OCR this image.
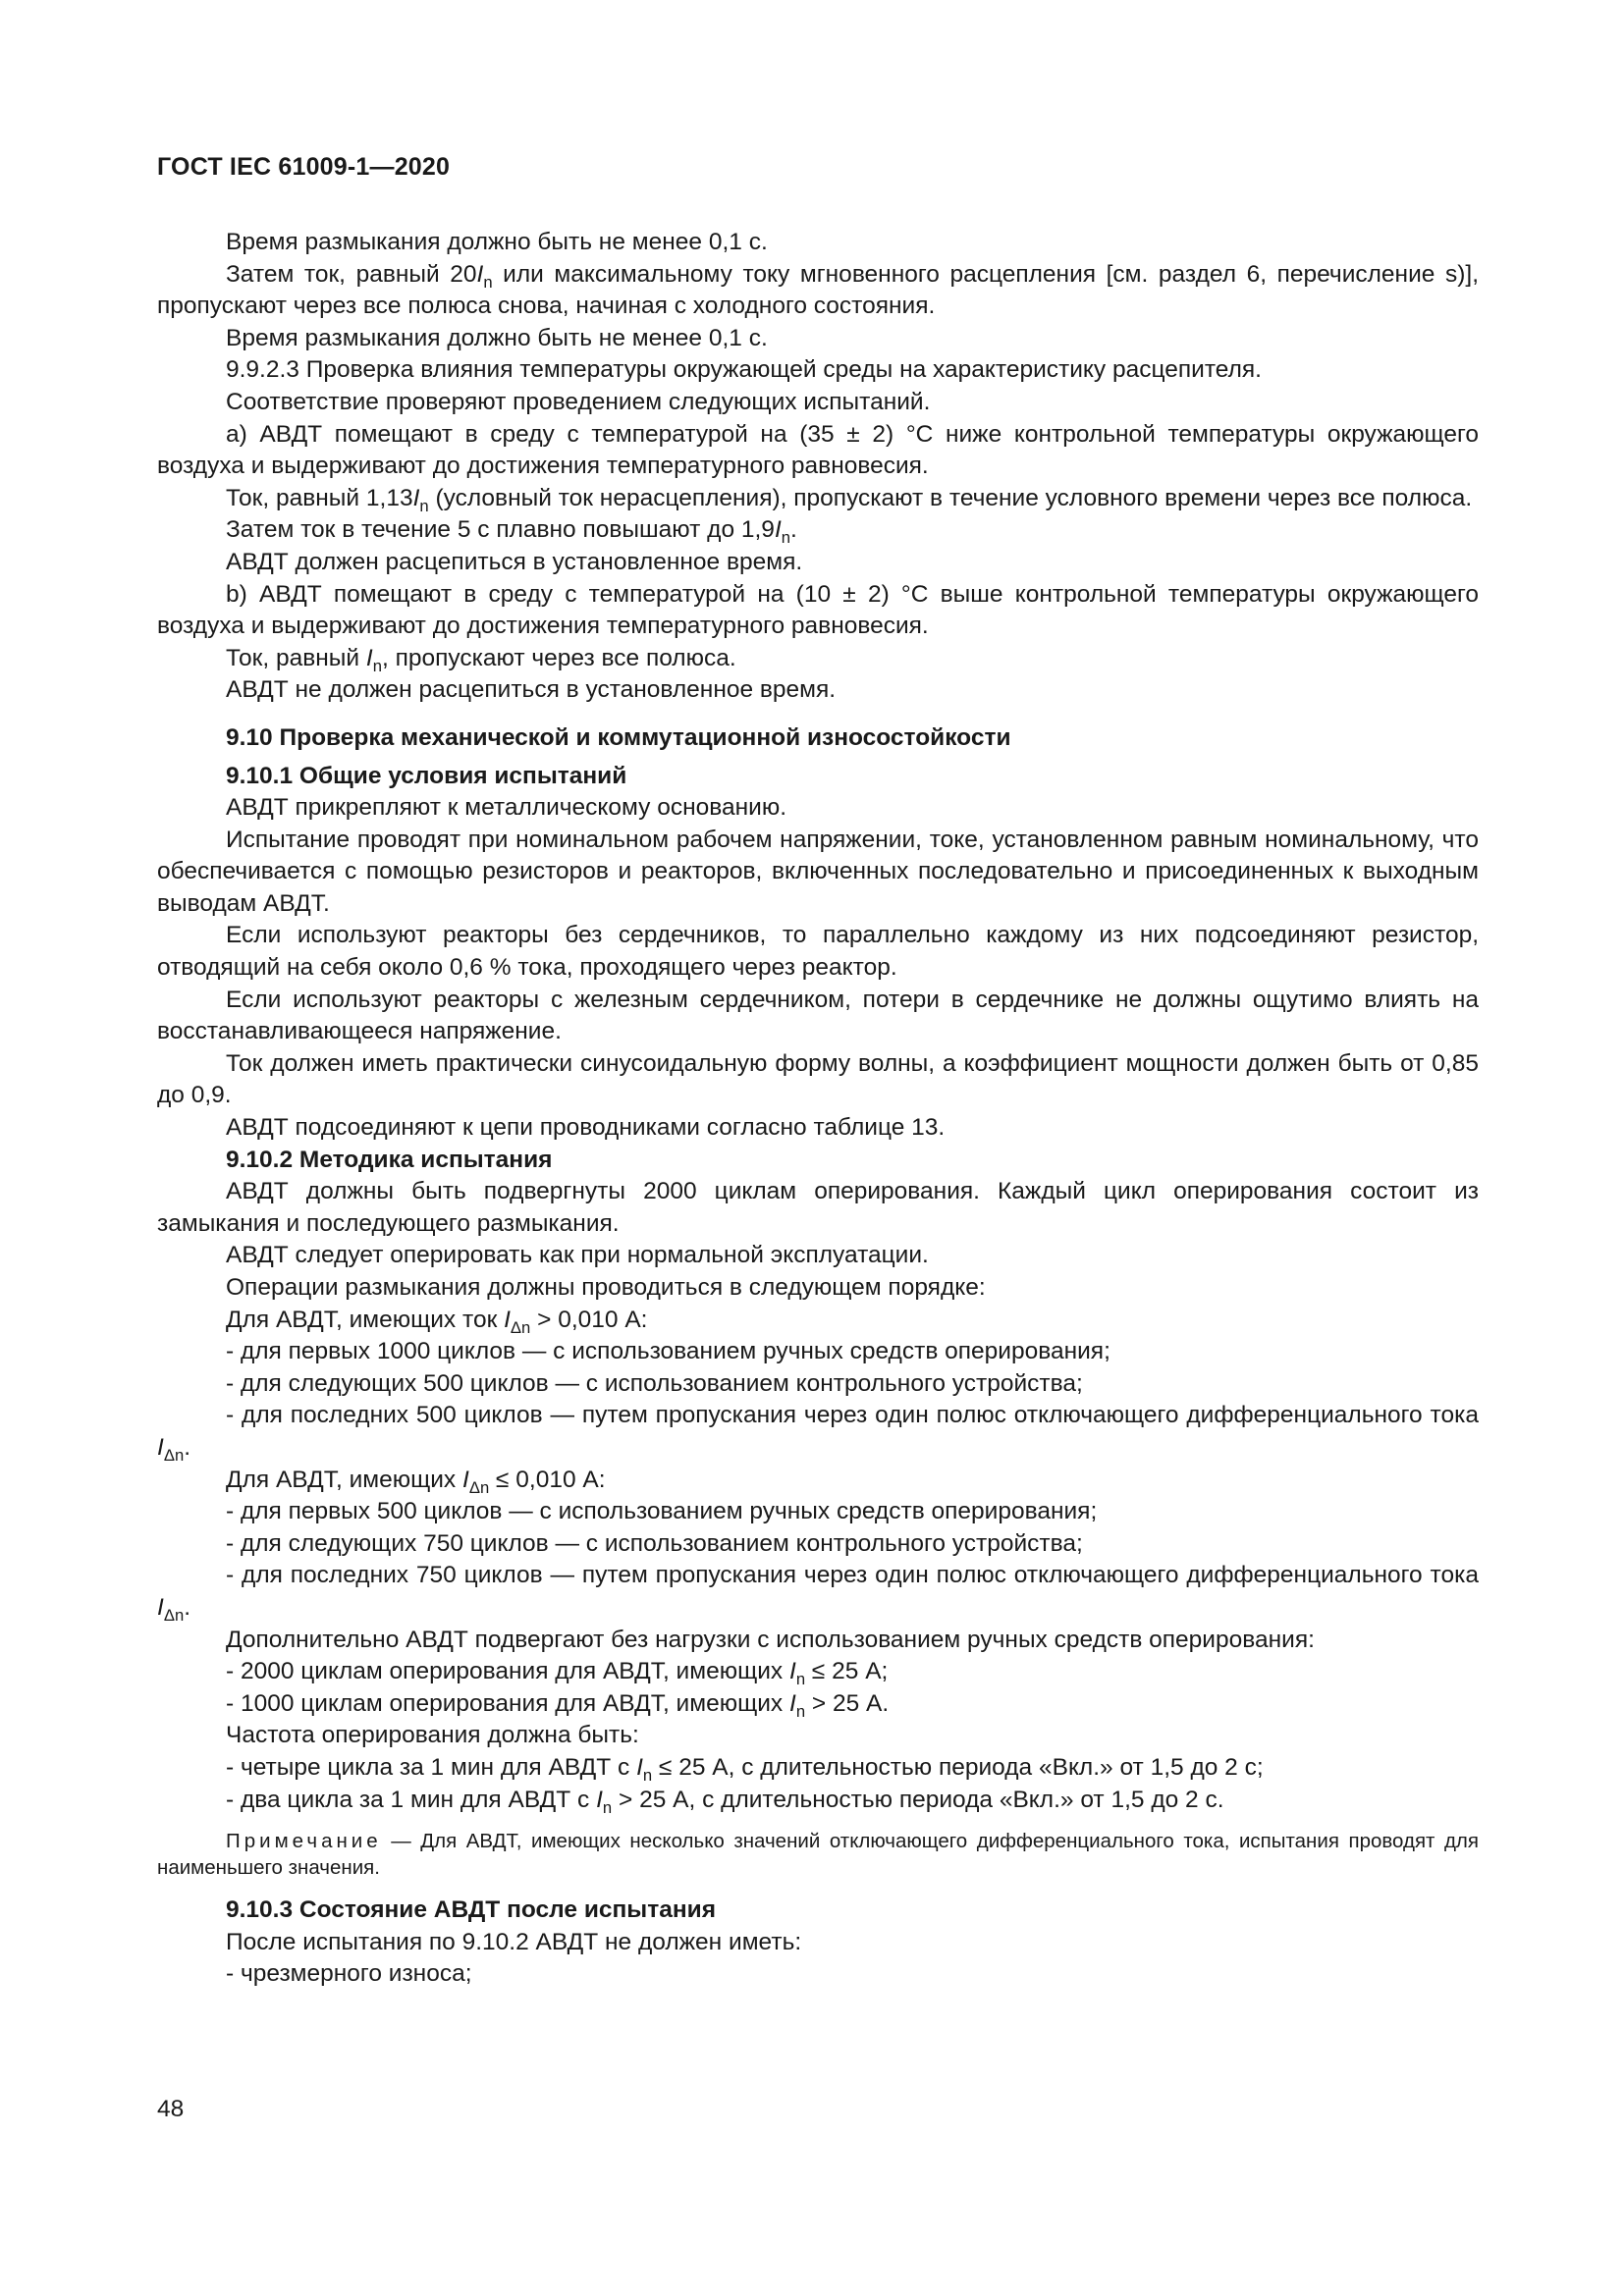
ГОСТ IEC 61009-1—2020

Время размыкания должно быть не менее 0,1 с.

Затем ток, равный $20I_n$ или максимальному току мгновенного расцепления [см. раздел 6, перечисление s)], пропускают через все полюса снова, начиная с холодного состояния.

Время размыкания должно быть не менее 0,1 с.

9.9.2.3 Проверка влияния температуры окружающей среды на характеристику расцепителя.

Соответствие проверяют проведением следующих испытаний.

а) АВДТ помещают в среду с температурой на (35 ± 2) °С ниже контрольной температуры окружающего воздуха и выдерживают до достижения температурного равновесия.

Ток, равный $1,13I_n$ (условный ток нерасцепления), пропускают в течение условного времени через все полюса.

Затем ток в течение 5 с плавно повышают до $1,9I_n$.

АВДТ должен расцепиться в установленное время.

b) АВДТ помещают в среду с температурой на (10 ± 2) °С выше контрольной температуры окружающего воздуха и выдерживают до достижения температурного равновесия.

Ток, равный $I_n$, пропускают через все полюса.

АВДТ не должен расцепиться в установленное время.

9.10 Проверка механической и коммутационной износостойкости

9.10.1 Общие условия испытаний

АВДТ прикрепляют к металлическому основанию.

Испытание проводят при номинальном рабочем напряжении, токе, установленном равным номинальному, что обеспечивается с помощью резисторов и реакторов, включенных последовательно и присоединенных к выходным выводам АВДТ.

Если используют реакторы без сердечников, то параллельно каждому из них подсоединяют резистор, отводящий на себя около 0,6 % тока, проходящего через реактор.

Если используют реакторы с железным сердечником, потери в сердечнике не должны ощутимо влиять на восстанавливающееся напряжение.

Ток должен иметь практически синусоидальную форму волны, а коэффициент мощности должен быть от 0,85 до 0,9.

АВДТ подсоединяют к цепи проводниками согласно таблице 13.

9.10.2 Методика испытания

АВДТ должны быть подвергнуты 2000 циклам оперирования. Каждый цикл оперирования состоит из замыкания и последующего размыкания.

АВДТ следует оперировать как при нормальной эксплуатации.

Операции размыкания должны проводиться в следующем порядке:

Для АВДТ, имеющих ток $I_{\Delta n} > 0,010$ А:

- для первых 1000 циклов — с использованием ручных средств оперирования;

- для следующих 500 циклов — с использованием контрольного устройства;

- для последних 500 циклов — путем пропускания через один полюс отключающего дифференциального тока $I_{\Delta n}$.

Для АВДТ, имеющих $I_{\Delta n} \le 0,010$ А:

- для первых 500 циклов — с использованием ручных средств оперирования;

- для следующих 750 циклов — с использованием контрольного устройства;

- для последних 750 циклов — путем пропускания через один полюс отключающего дифференциального тока $I_{\Delta n}$.

Дополнительно АВДТ подвергают без нагрузки с использованием ручных средств оперирования:

- 2000 циклам оперирования для АВДТ, имеющих $I_n \le 25$ А;

- 1000 циклам оперирования для АВДТ, имеющих $I_n > 25$ А.

Частота оперирования должна быть:

- четыре цикла за 1 мин для АВДТ с $I_n \le 25$ А, с длительностью периода «Вкл.» от 1,5 до 2 с;

- два цикла за 1 мин для АВДТ с $I_n > 25$ А, с длительностью периода «Вкл.» от 1,5 до 2 с.

Примечание — Для АВДТ, имеющих несколько значений отключающего дифференциального тока, испытания проводят для наименьшего значения.

9.10.3 Состояние АВДТ после испытания

После испытания по 9.10.2 АВДТ не должен иметь:

- чрезмерного износа;

48
